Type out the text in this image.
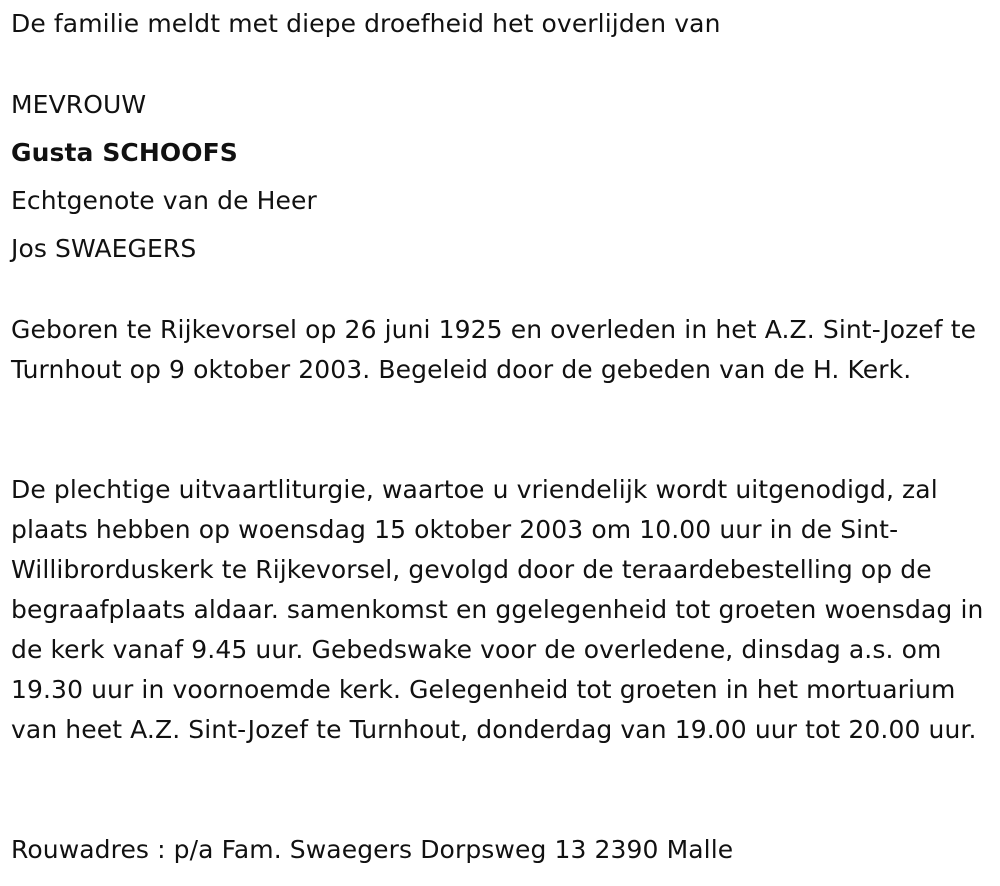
De familie meldt met diepe droefheid het overlijden van

MEVROUW

Gusta SCHOOFS

Echtgenote van de Heer

Jos SWAEGERS

Geboren te Rijkevorsel op 26 juni 1925 en overleden in het A.Z. Sint-Jozef te Turnhout op 9 oktober 2003. Begeleid door de gebeden van de H. Kerk.

De plechtige uitvaartliturgie, waartoe u vriendelijk wordt uitgenodigd, zal plaats hebben op woensdag 15 oktober 2003 om 10.00 uur in de Sint-Willibrorduskerk te Rijkevorsel, gevolgd door de teraardebestelling op de begraafplaats aldaar. samenkomst en ggelegenheid tot groeten woensdag in de kerk vanaf 9.45 uur. Gebedswake voor de overledene, dinsdag a.s. om 19.30 uur in voornoemde kerk. Gelegenheid tot groeten in het mortuarium van heet A.Z. Sint-Jozef te Turnhout, donderdag van 19.00 uur tot 20.00 uur.

Rouwadres : p/a Fam. Swaegers Dorpsweg 13 2390 Malle
